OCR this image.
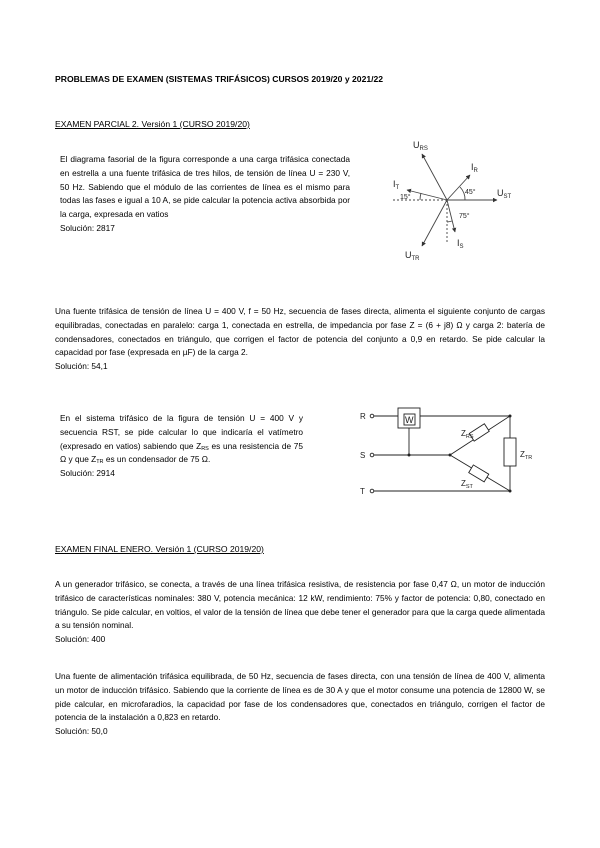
PROBLEMAS DE EXAMEN (SISTEMAS TRIFÁSICOS) CURSOS 2019/20 y 2021/22
EXAMEN PARCIAL 2. Versión 1 (CURSO 2019/20)
El diagrama fasorial de la figura corresponde a una carga trifásica conectada en estrella a una fuente trifásica de tres hilos, de tensión de línea U = 230 V, 50 Hz. Sabiendo que el módulo de las corrientes de línea es el mismo para todas las fases e igual a 10 A, se pide calcular la potencia activa absorbida por la carga, expresada en vatios
Solución: 2817
$U_{RS}$
$I_R$
$U_{ST}$
$I_T$
$U_{TR}$
$I_S$
45°
15°
75°
Una fuente trifásica de tensión de línea U = 400 V, f = 50 Hz, secuencia de fases directa, alimenta el siguiente conjunto de cargas equilibradas, conectadas en paralelo: carga 1, conectada en estrella, de impedancia por fase Z = (6 + j8) Ω y carga 2: batería de condensadores, conectados en triángulo, que corrigen el factor de potencia del conjunto a 0,9 en retardo. Se pide calcular la capacidad por fase (expresada en µF) de la carga 2.
Solución: 54,1
En el sistema trifásico de la figura de tensión U = 400 V y secuencia RST, se pide calcular lo que indicaría el vatímetro (expresado en vatios) sabiendo que $Z_{RS}$ es una resistencia de 75 Ω y que $Z_{TR}$ es un condensador de 75 Ω.
Solución: 2914
R
S
T
W
$Z_{RS}$
$Z_{TR}$
$Z_{ST}$
EXAMEN FINAL ENERO. Versión 1 (CURSO 2019/20)
A un generador trifásico, se conecta, a través de una línea trifásica resistiva, de resistencia por fase 0,47 Ω, un motor de inducción trifásico de características nominales: 380 V, potencia mecánica: 12 kW, rendimiento: 75% y factor de potencia: 0,80, conectado en triángulo. Se pide calcular, en voltios, el valor de la tensión de línea que debe tener el generador para que la carga quede alimentada a su tensión nominal.
Solución: 400
Una fuente de alimentación trifásica equilibrada, de 50 Hz, secuencia de fases directa, con una tensión de línea de 400 V, alimenta un motor de inducción trifásico. Sabiendo que la corriente de línea es de 30 A y que el motor consume una potencia de 12800 W, se pide calcular, en microfaradios, la capacidad por fase de los condensadores que, conectados en triángulo, corrigen el factor de potencia de la instalación a 0,823 en retardo.
Solución: 50,0
